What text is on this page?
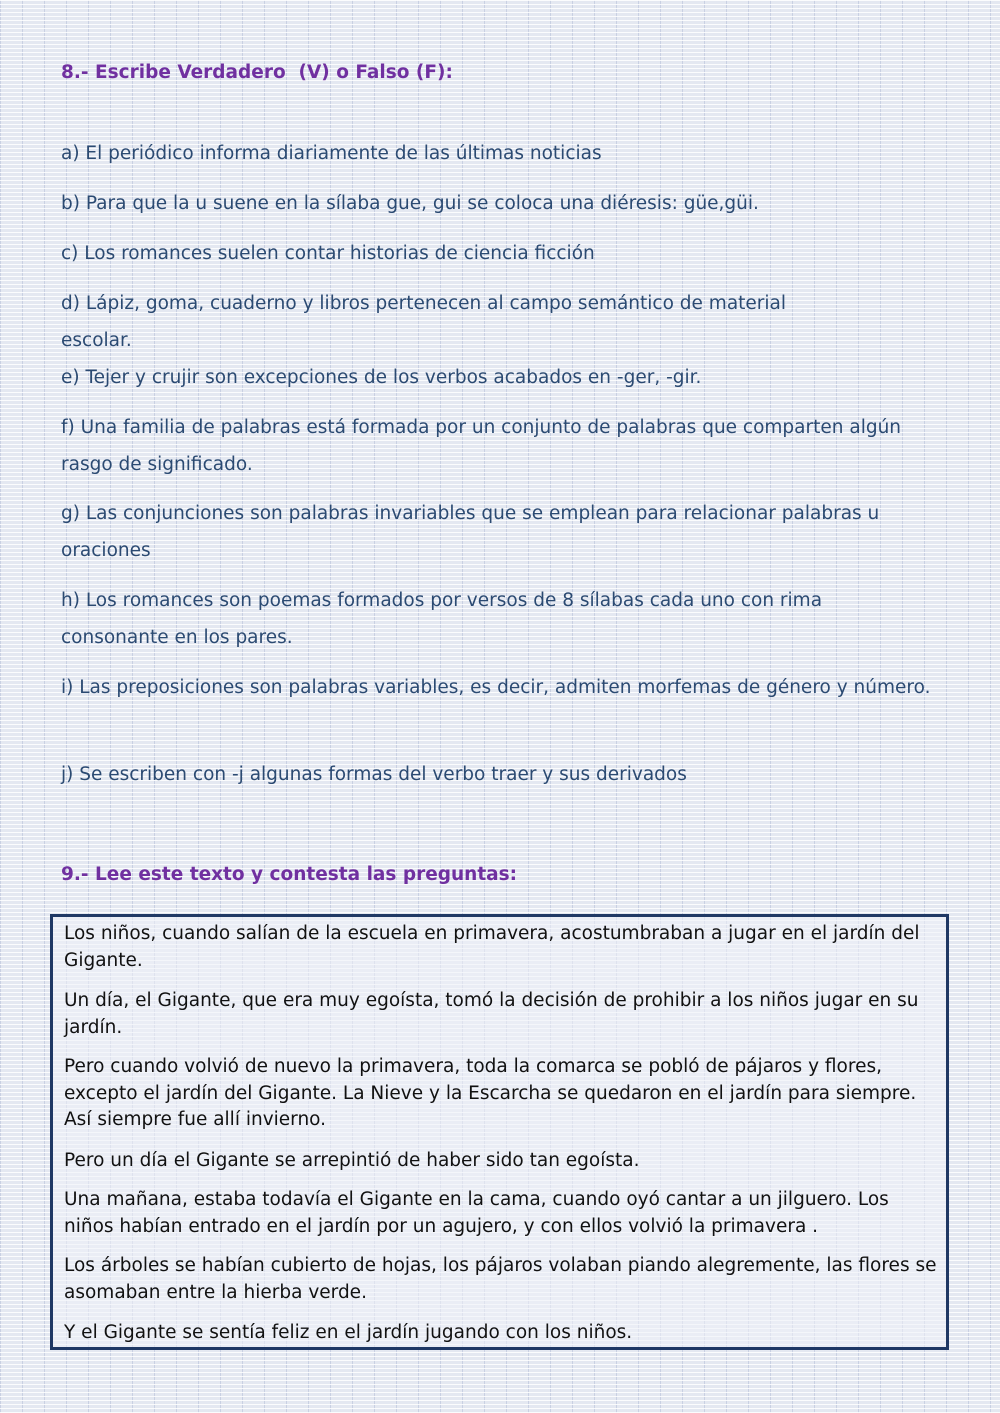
8.- Escribe Verdadero  (V) o Falso (F):

a) El periódico informa diariamente de las últimas noticias

b) Para que la u suene en la sílaba gue, gui se coloca una diéresis: güe,güi.

c) Los romances suelen contar historias de ciencia ficción

d) Lápiz, goma, cuaderno y libros pertenecen al campo semántico de material escolar.

e) Tejer y crujir son excepciones de los verbos acabados en -ger, -gir.

f) Una familia de palabras está formada por un conjunto de palabras que comparten algún rasgo de significado.

g) Las conjunciones son palabras invariables que se emplean para relacionar palabras u oraciones

h) Los romances son poemas formados por versos de 8 sílabas cada uno con rima consonante en los pares.

i) Las preposiciones son palabras variables, es decir, admiten morfemas de género y número.

j) Se escriben con -j algunas formas del verbo traer y sus derivados

9.- Lee este texto y contesta las preguntas:

Los niños, cuando salían de la escuela en primavera, acostumbraban a jugar en el jardín del Gigante.

Un día, el Gigante, que era muy egoísta, tomó la decisión de prohibir a los niños jugar en su jardín.

Pero cuando volvió de nuevo la primavera, toda la comarca se pobló de pájaros y flores, excepto el jardín del Gigante. La Nieve y la Escarcha se quedaron en el jardín para siempre. Así siempre fue allí invierno.

Pero un día el Gigante se arrepintió de haber sido tan egoísta.

Una mañana, estaba todavía el Gigante en la cama, cuando oyó cantar a un jilguero. Los niños habían entrado en el jardín por un agujero, y con ellos volvió la primavera .

Los árboles se habían cubierto de hojas, los pájaros volaban piando alegremente, las flores se asomaban entre la hierba verde.

Y el Gigante se sentía feliz en el jardín jugando con los niños.
